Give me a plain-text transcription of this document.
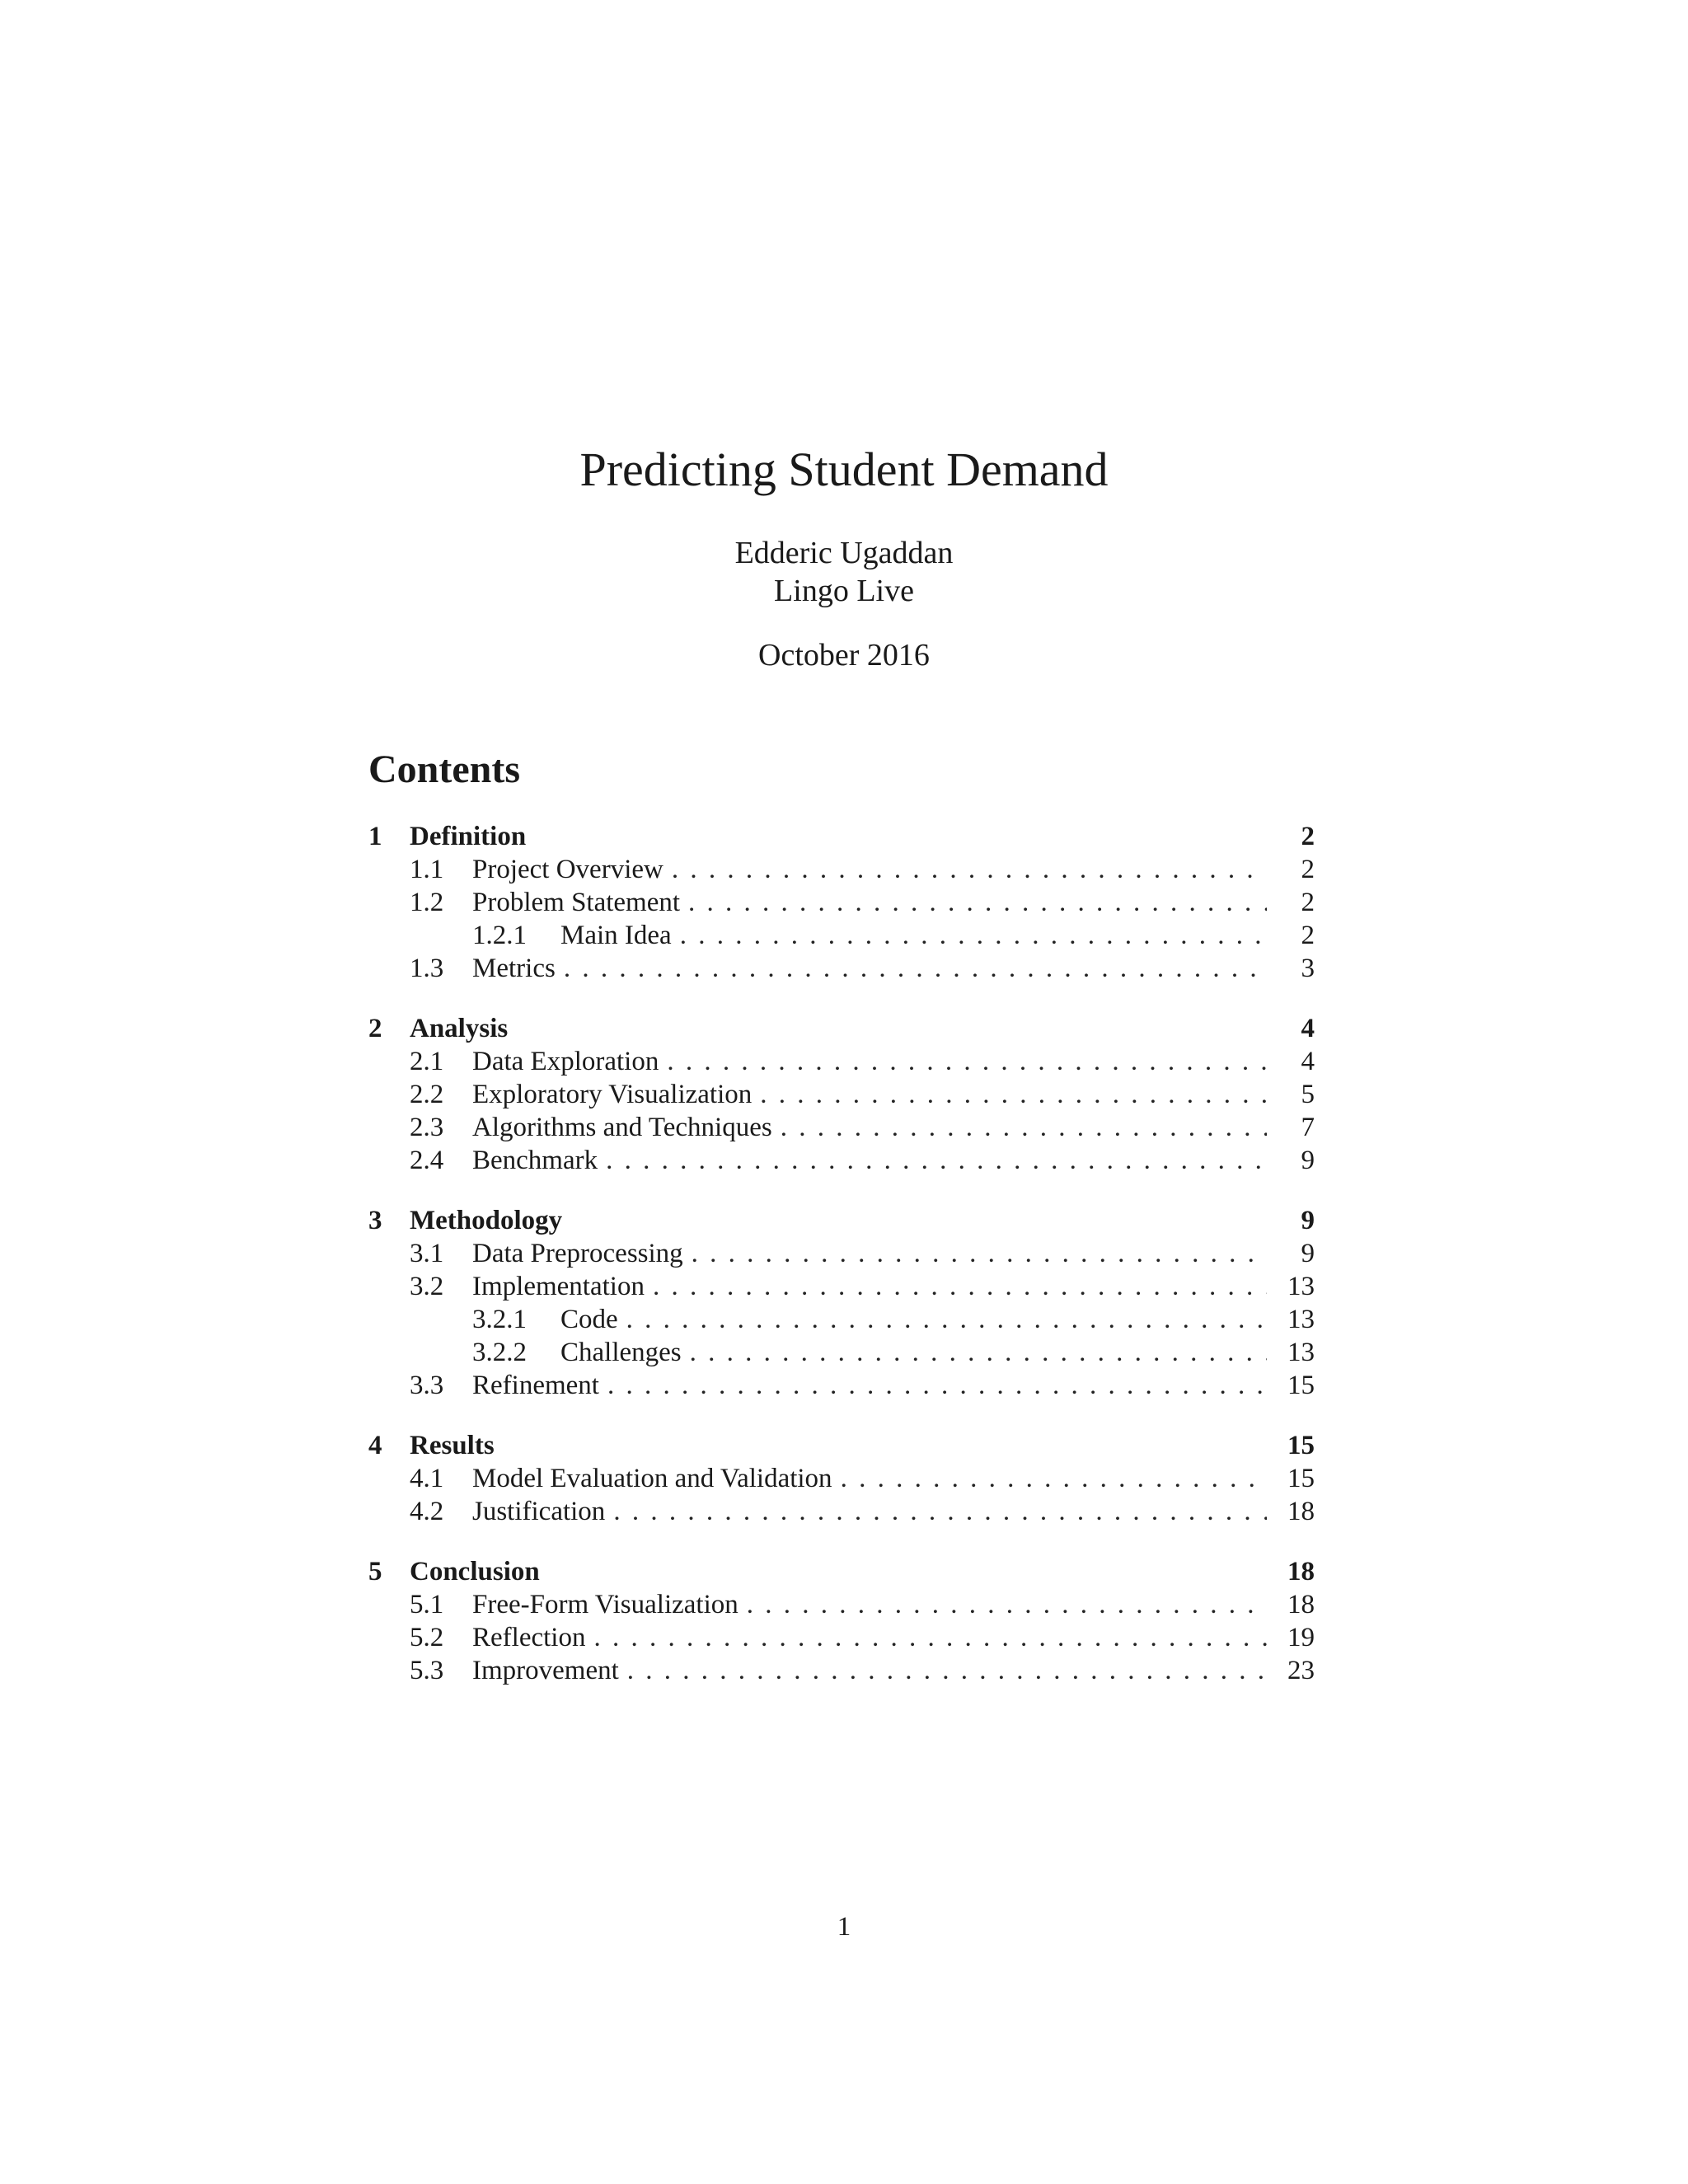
Predicting Student Demand
Edderic Ugaddan
Lingo Live
October 2016
Contents
1	Definition	2
1.1	Project Overview . . .	2
1.2	Problem Statement . . .	2
1.2.1	Main Idea . . .	2
1.3	Metrics . . .	3
2	Analysis	4
2.1	Data Exploration . . .	4
2.2	Exploratory Visualization . . .	5
2.3	Algorithms and Techniques . . .	7
2.4	Benchmark . . .	9
3	Methodology	9
3.1	Data Preprocessing . . .	9
3.2	Implementation . . .	13
3.2.1	Code . . .	13
3.2.2	Challenges . . .	13
3.3	Refinement . . .	15
4	Results	15
4.1	Model Evaluation and Validation . . .	15
4.2	Justification . . .	18
5	Conclusion	18
5.1	Free-Form Visualization . . .	18
5.2	Reflection . . .	19
5.3	Improvement . . .	23
1
